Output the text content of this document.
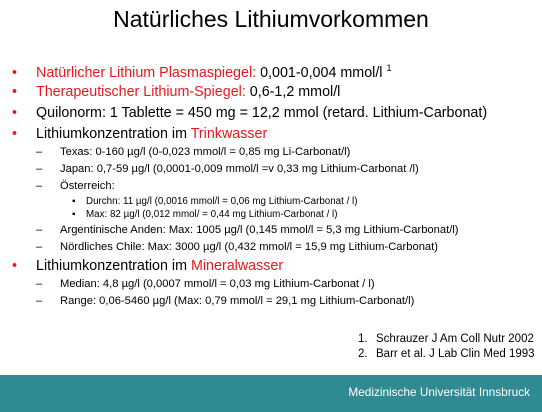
Natürliches Lithiumvorkommen
• Natürlicher Lithium Plasmaspiegel: 0,001-0,004 mmol/l $^1$
• Therapeutischer Lithium-Spiegel: 0,6-1,2 mmol/l
• Quilonorm: 1 Tablette = 450 mg = 12,2 mmol (retard. Lithium-Carbonat)
• Lithiumkonzentration im Trinkwasser
– Texas: 0-160 µg/l (0-0,023 mmol/l = 0,85 mg Li-Carbonat/l)
– Japan: 0,7-59 µg/l (0,0001-0,009 mmol/l =v 0,33 mg Lithium-Carbonat /l)
– Österreich:
▪ Durchn: 11 µg/l (0,0016 mmol/l = 0,06 mg Lithium-Carbonat / l)
▪ Max: 82 µg/l (0,012 mmol/ = 0,44 mg Lithium-Carbonat / l)
– Argentinische Anden: Max: 1005 µg/l (0,145 mmol/l = 5,3 mg Lithium-Carbonat/l)
– Nördliches Chile: Max: 3000 µg/l (0,432 mmol/l = 15,9 mg Lithium-Carbonat)
• Lithiumkonzentration im Mineralwasser
– Median: 4,8 µg/l (0,0007 mmol/l = 0,03 mg Lithium-Carbonat / l)
– Range: 0,06-5460 µg/l (Max: 0,79 mmol/l = 29,1 mg Lithium-Carbonat/l)
1. Schrauzer J Am Coll Nutr 2002
2. Barr et al. J Lab Clin Med 1993
Medizinische Universität Innsbruck
